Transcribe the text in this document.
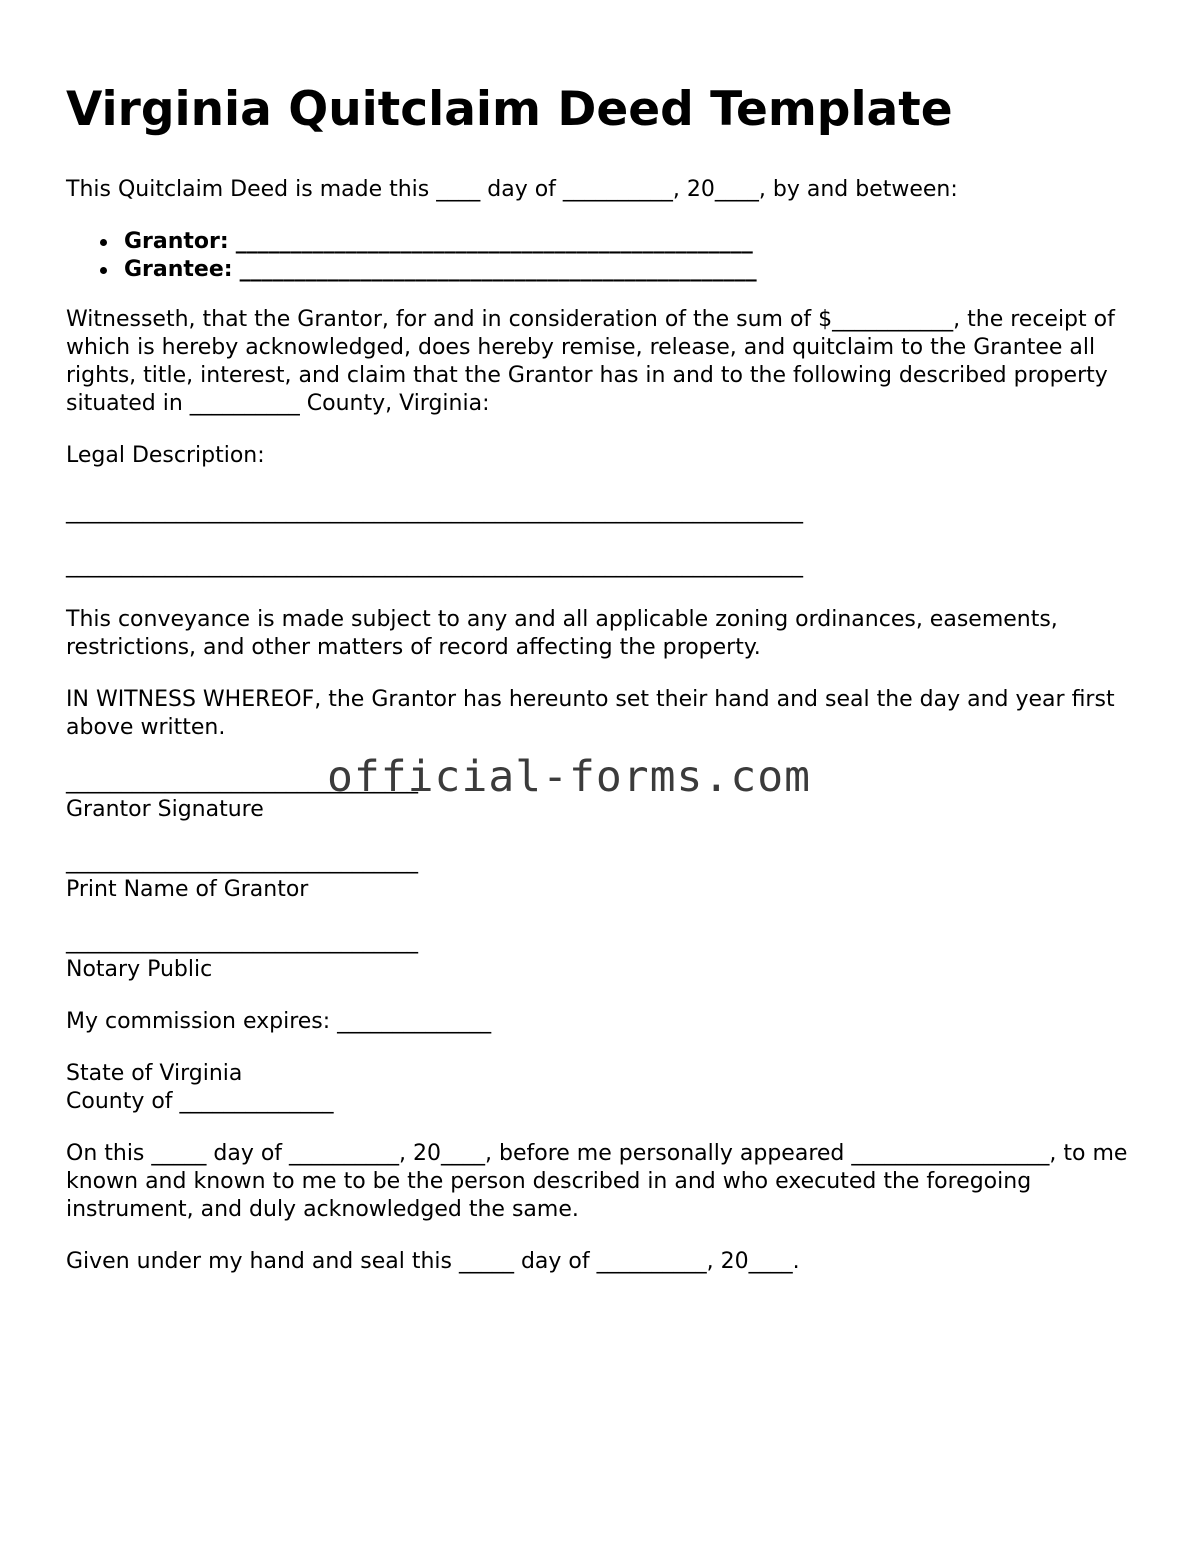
Virginia Quitclaim Deed Template

This Quitclaim Deed is made this ____ day of __________, 20____, by and between:

Grantor: _______________________________________________
Grantee: _______________________________________________

Witnesseth, that the Grantor, for and in consideration of the sum of $___________, the receipt of which is hereby acknowledged, does hereby remise, release, and quitclaim to the Grantee all rights, title, interest, and claim that the Grantor has in and to the following described property situated in __________ County, Virginia:

Legal Description:

___________________________________________________________________
___________________________________________________________________

This conveyance is made subject to any and all applicable zoning ordinances, easements, restrictions, and other matters of record affecting the property.

IN WITNESS WHEREOF, the Grantor has hereunto set their hand and seal the day and year first above written.

________________________________
Grantor Signature
________________________________
Print Name of Grantor
________________________________
Notary Public

My commission expires: ______________

State of Virginia
County of ______________

On this _____ day of __________, 20____, before me personally appeared __________________, to me known and known to me to be the person described in and who executed the foregoing instrument, and duly acknowledged the same.

Given under my hand and seal this _____ day of __________, 20____.

official-forms.com
